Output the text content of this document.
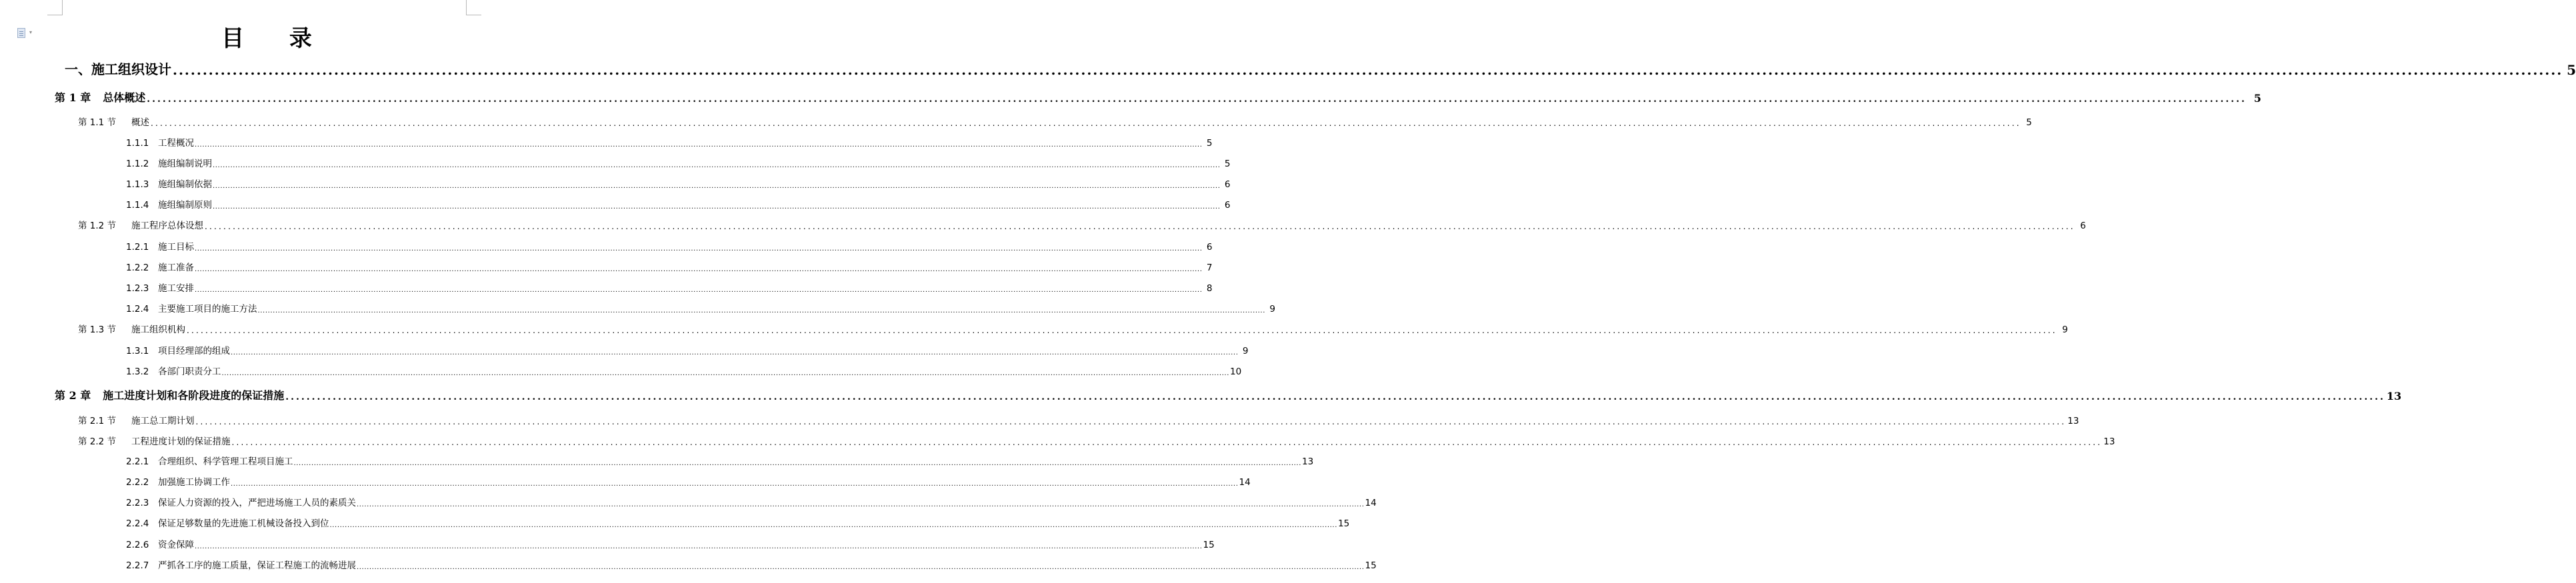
▾	目 录
一、施工组织设计 ................................................................................................................................................................................................................................................................................................................................................................................................................ 5
第 1 章 总体概述 ................................................................................................................................................................................................................................................................................................................................................................................................................ 5
第 1.1 节	概述 ................................................................................................................................................................................................................................................................................................................................................................................................................ 5
1.1.1	工程概况 ................................................................................................................................................................................................................................................................................................................................................................................................................ 5
1.1.2	施组编制说明 ................................................................................................................................................................................................................................................................................................................................................................................................................ 5
1.1.3	施组编制依据 ................................................................................................................................................................................................................................................................................................................................................................................................................ 6
1.1.4	施组编制原则 ................................................................................................................................................................................................................................................................................................................................................................................................................ 6
第 1.2 节	施工程序总体设想 ................................................................................................................................................................................................................................................................................................................................................................................................................ 6
1.2.1	施工目标 ................................................................................................................................................................................................................................................................................................................................................................................................................ 6
1.2.2	施工准备 ................................................................................................................................................................................................................................................................................................................................................................................................................ 7
1.2.3	施工安排 ................................................................................................................................................................................................................................................................................................................................................................................................................ 8
1.2.4	主要施工项目的施工方法 ................................................................................................................................................................................................................................................................................................................................................................................................................ 9
第 1.3 节	施工组织机构 ................................................................................................................................................................................................................................................................................................................................................................................................................ 9
1.3.1	项目经理部的组成 ................................................................................................................................................................................................................................................................................................................................................................................................................ 9
1.3.2	各部门职责分工 ................................................................................................................................................................................................................................................................................................................................................................................................................ 10
第 2 章 施工进度计划和各阶段进度的保证措施 ................................................................................................................................................................................................................................................................................................................................................................................................................ 13
第 2.1 节	施工总工期计划 ................................................................................................................................................................................................................................................................................................................................................................................................................ 13
第 2.2 节	工程进度计划的保证措施 ................................................................................................................................................................................................................................................................................................................................................................................................................ 13
2.2.1	合理组织、科学管理工程项目施工 ................................................................................................................................................................................................................................................................................................................................................................................................................ 13
2.2.2	加强施工协调工作 ................................................................................................................................................................................................................................................................................................................................................................................................................ 14
2.2.3	保证人力资源的投入，严把进场施工人员的素质关 ................................................................................................................................................................................................................................................................................................................................................................................................................ 14
2.2.4	保证足够数量的先进施工机械设备投入到位 ................................................................................................................................................................................................................................................................................................................................................................................................................ 15
2.2.6	资金保障 ................................................................................................................................................................................................................................................................................................................................................................................................................ 15
2.2.7	严抓各工序的施工质量，保证工程施工的流畅进展 ................................................................................................................................................................................................................................................................................................................................................................................................................ 15
